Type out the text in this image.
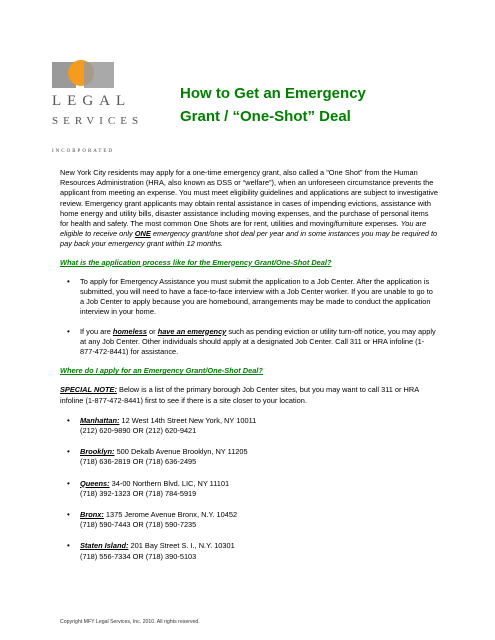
LEGAL
SERVICES
INCORPORATED
How to Get an Emergency
Grant / “One-Shot” Deal

New York City residents may apply for a one-time emergency grant, also called a "One Shot" from the Human Resources Administration (HRA, also known as DSS or “welfare”), when an unforeseen circumstance prevents the applicant from meeting an expense. You must meet eligibility guidelines and applications are subject to investigative review. Emergency grant applicants may obtain rental assistance in cases of impending evictions, assistance with home energy and utility bills, disaster assistance including moving expenses, and the purchase of personal items for health and safety. The most common One Shots are for rent, utilities and moving/furniture expenses. You are eligible to receive only ONE emergency grant/one shot deal per year and in some instances you may be required to pay back your emergency grant within 12 months.

What is the application process like for the Emergency Grant/One-Shot Deal?

• To apply for Emergency Assistance you must submit the application to a Job Center. After the application is submitted, you will need to have a face-to-face interview with a Job Center worker. If you are unable to go to a Job Center to apply because you are homebound, arrangements may be made to conduct the application interview in your home.
• If you are homeless or have an emergency such as pending eviction or utility turn-off notice, you may apply at any Job Center. Other individuals should apply at a designated Job Center. Call 311 or HRA infoline (1-877-472-8441) for assistance.

Where do I apply for an Emergency Grant/One-Shot Deal?

SPECIAL NOTE: Below is a list of the primary borough Job Center sites, but you may want to call 311 or HRA infoline (1-877-472-8441) first to see if there is a site closer to your location.

• Manhattan: 12 West 14th Street New York, NY 10011
(212) 620-9890 OR (212) 620-9421
• Brooklyn: 500 Dekalb Avenue Brooklyn, NY 11205
(718) 636-2819 OR (718) 636-2495
• Queens: 34-00 Northern Blvd. LIC, NY 11101
(718) 392-1323 OR (718) 784-5919
• Bronx: 1375 Jerome Avenue Bronx, N.Y. 10452
(718) 590-7443 OR (718) 590-7235
• Staten Island: 201 Bay Street S. I., N.Y. 10301
(718) 556-7334 OR (718) 390-5103
Copyright MFY Legal Services, Inc. 2010. All rights reserved.
